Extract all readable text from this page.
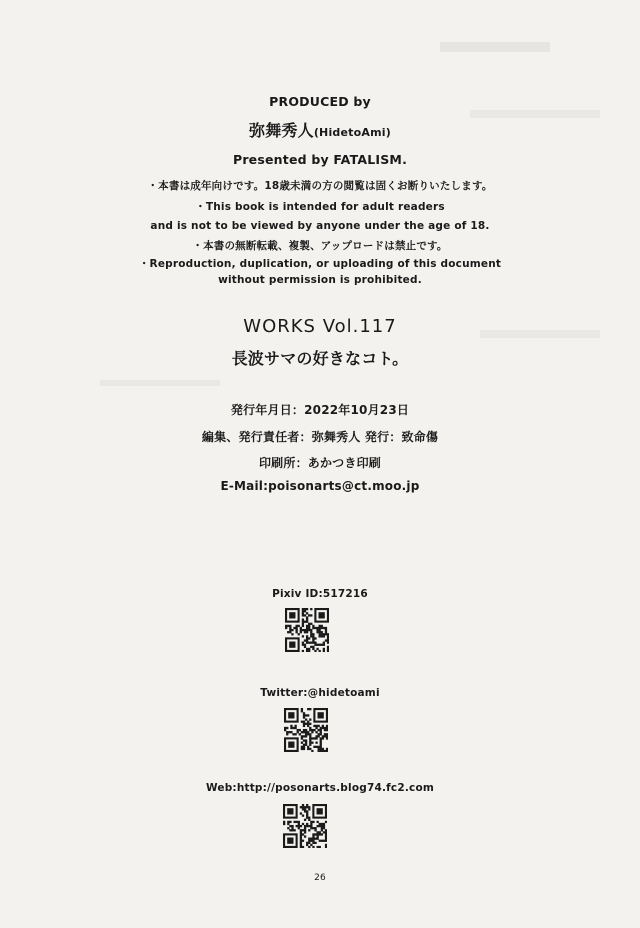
PRODUCED by
弥舞秀人(HidetoAmi)
Presented by FATALISM.
・本書は成年向けです。18歳未満の方の閲覧は固くお断りいたします。
・This book is intended for adult readers
and is not to be viewed by anyone under the age of 18.
・本書の無断転載、複製、アップロードは禁止です。
・Reproduction, duplication, or uploading of this document
without permission is prohibited.
WORKS Vol.117
長波サマの好きなコト。
発行年月日：2022年10月23日
編集、発行責任者：弥舞秀人 発行：致命傷
印刷所：あかつき印刷
E-Mail:poisonarts@ct.moo.jp
Pixiv ID:517216
Twitter:@hidetoami
Web:http://posonarts.blog74.fc2.com
26
